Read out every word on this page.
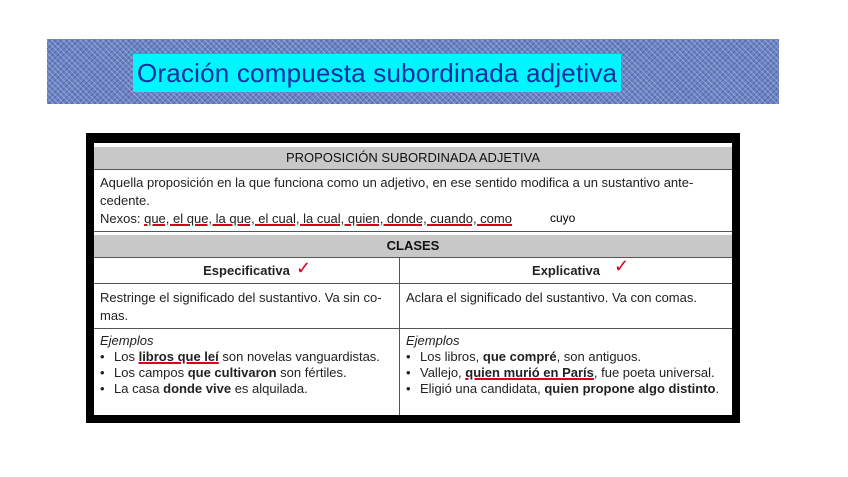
Oración compuesta subordinada adjetiva
PROPOSICIÓN SUBORDINADA ADJETIVA
Aquella proposición en la que funciona como un adjetivo, en ese sentido modifica a un sustantivo ante-
cedente.
Nexos: que, el que, la que, el cual, la cual, quien, donde, cuando, como	cuyo
CLASES
Especificativa ✓	Explicativa ✓
Restringe el significado del sustantivo. Va sin co-
mas.
Aclara el significado del sustantivo. Va con comas.
Ejemplos
• Los libros que leí son novelas vanguardistas.
• Los campos que cultivaron son fértiles.
• La casa donde vive es alquilada.
Ejemplos
• Los libros, que compré, son antiguos.
• Vallejo, quien murió en París, fue poeta universal.
• Eligió una candidata, quien propone algo distinto.
